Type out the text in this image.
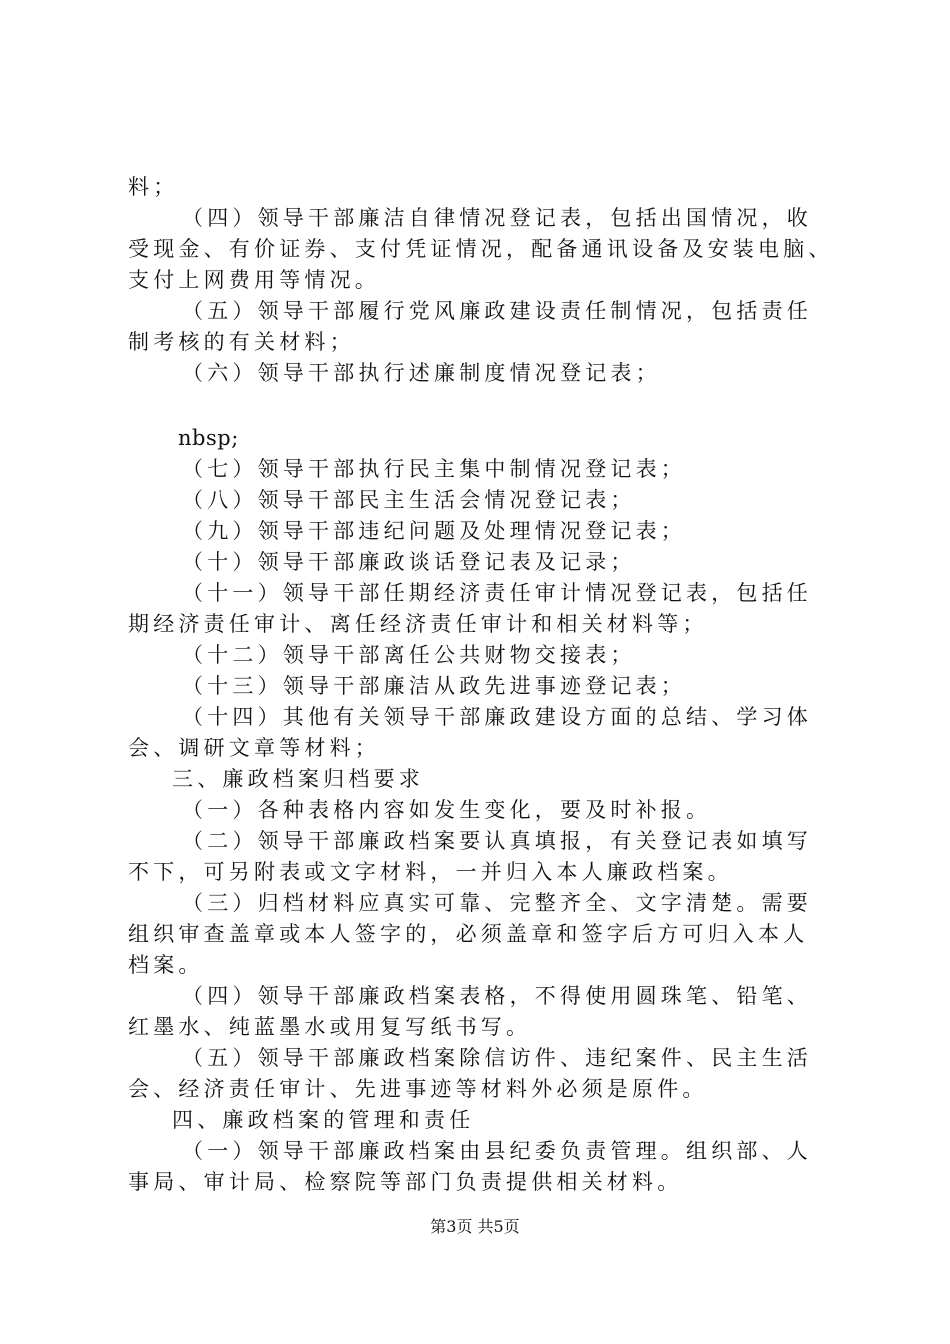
料；
（四）领导干部廉洁自律情况登记表，包括出国情况，收
受现金、有价证券、支付凭证情况，配备通讯设备及安装电脑、
支付上网费用等情况。
（五）领导干部履行党风廉政建设责任制情况，包括责任
制考核的有关材料；
（六）领导干部执行述廉制度情况登记表；
nbsp;
（七）领导干部执行民主集中制情况登记表；
（八）领导干部民主生活会情况登记表；
（九）领导干部违纪问题及处理情况登记表；
（十）领导干部廉政谈话登记表及记录；
（十一）领导干部任期经济责任审计情况登记表，包括任
期经济责任审计、离任经济责任审计和相关材料等；
（十二）领导干部离任公共财物交接表；
（十三）领导干部廉洁从政先进事迹登记表；
（十四）其他有关领导干部廉政建设方面的总结、学习体
会、调研文章等材料；
三、廉政档案归档要求
（一）各种表格内容如发生变化，要及时补报。
（二）领导干部廉政档案要认真填报，有关登记表如填写
不下，可另附表或文字材料，一并归入本人廉政档案。
（三）归档材料应真实可靠、完整齐全、文字清楚。需要
组织审查盖章或本人签字的，必须盖章和签字后方可归入本人
档案。
（四）领导干部廉政档案表格，不得使用圆珠笔、铅笔、
红墨水、纯蓝墨水或用复写纸书写。
（五）领导干部廉政档案除信访件、违纪案件、民主生活
会、经济责任审计、先进事迹等材料外必须是原件。
四、廉政档案的管理和责任
（一）领导干部廉政档案由县纪委负责管理。组织部、人
事局、审计局、检察院等部门负责提供相关材料。
第3页 共5页
